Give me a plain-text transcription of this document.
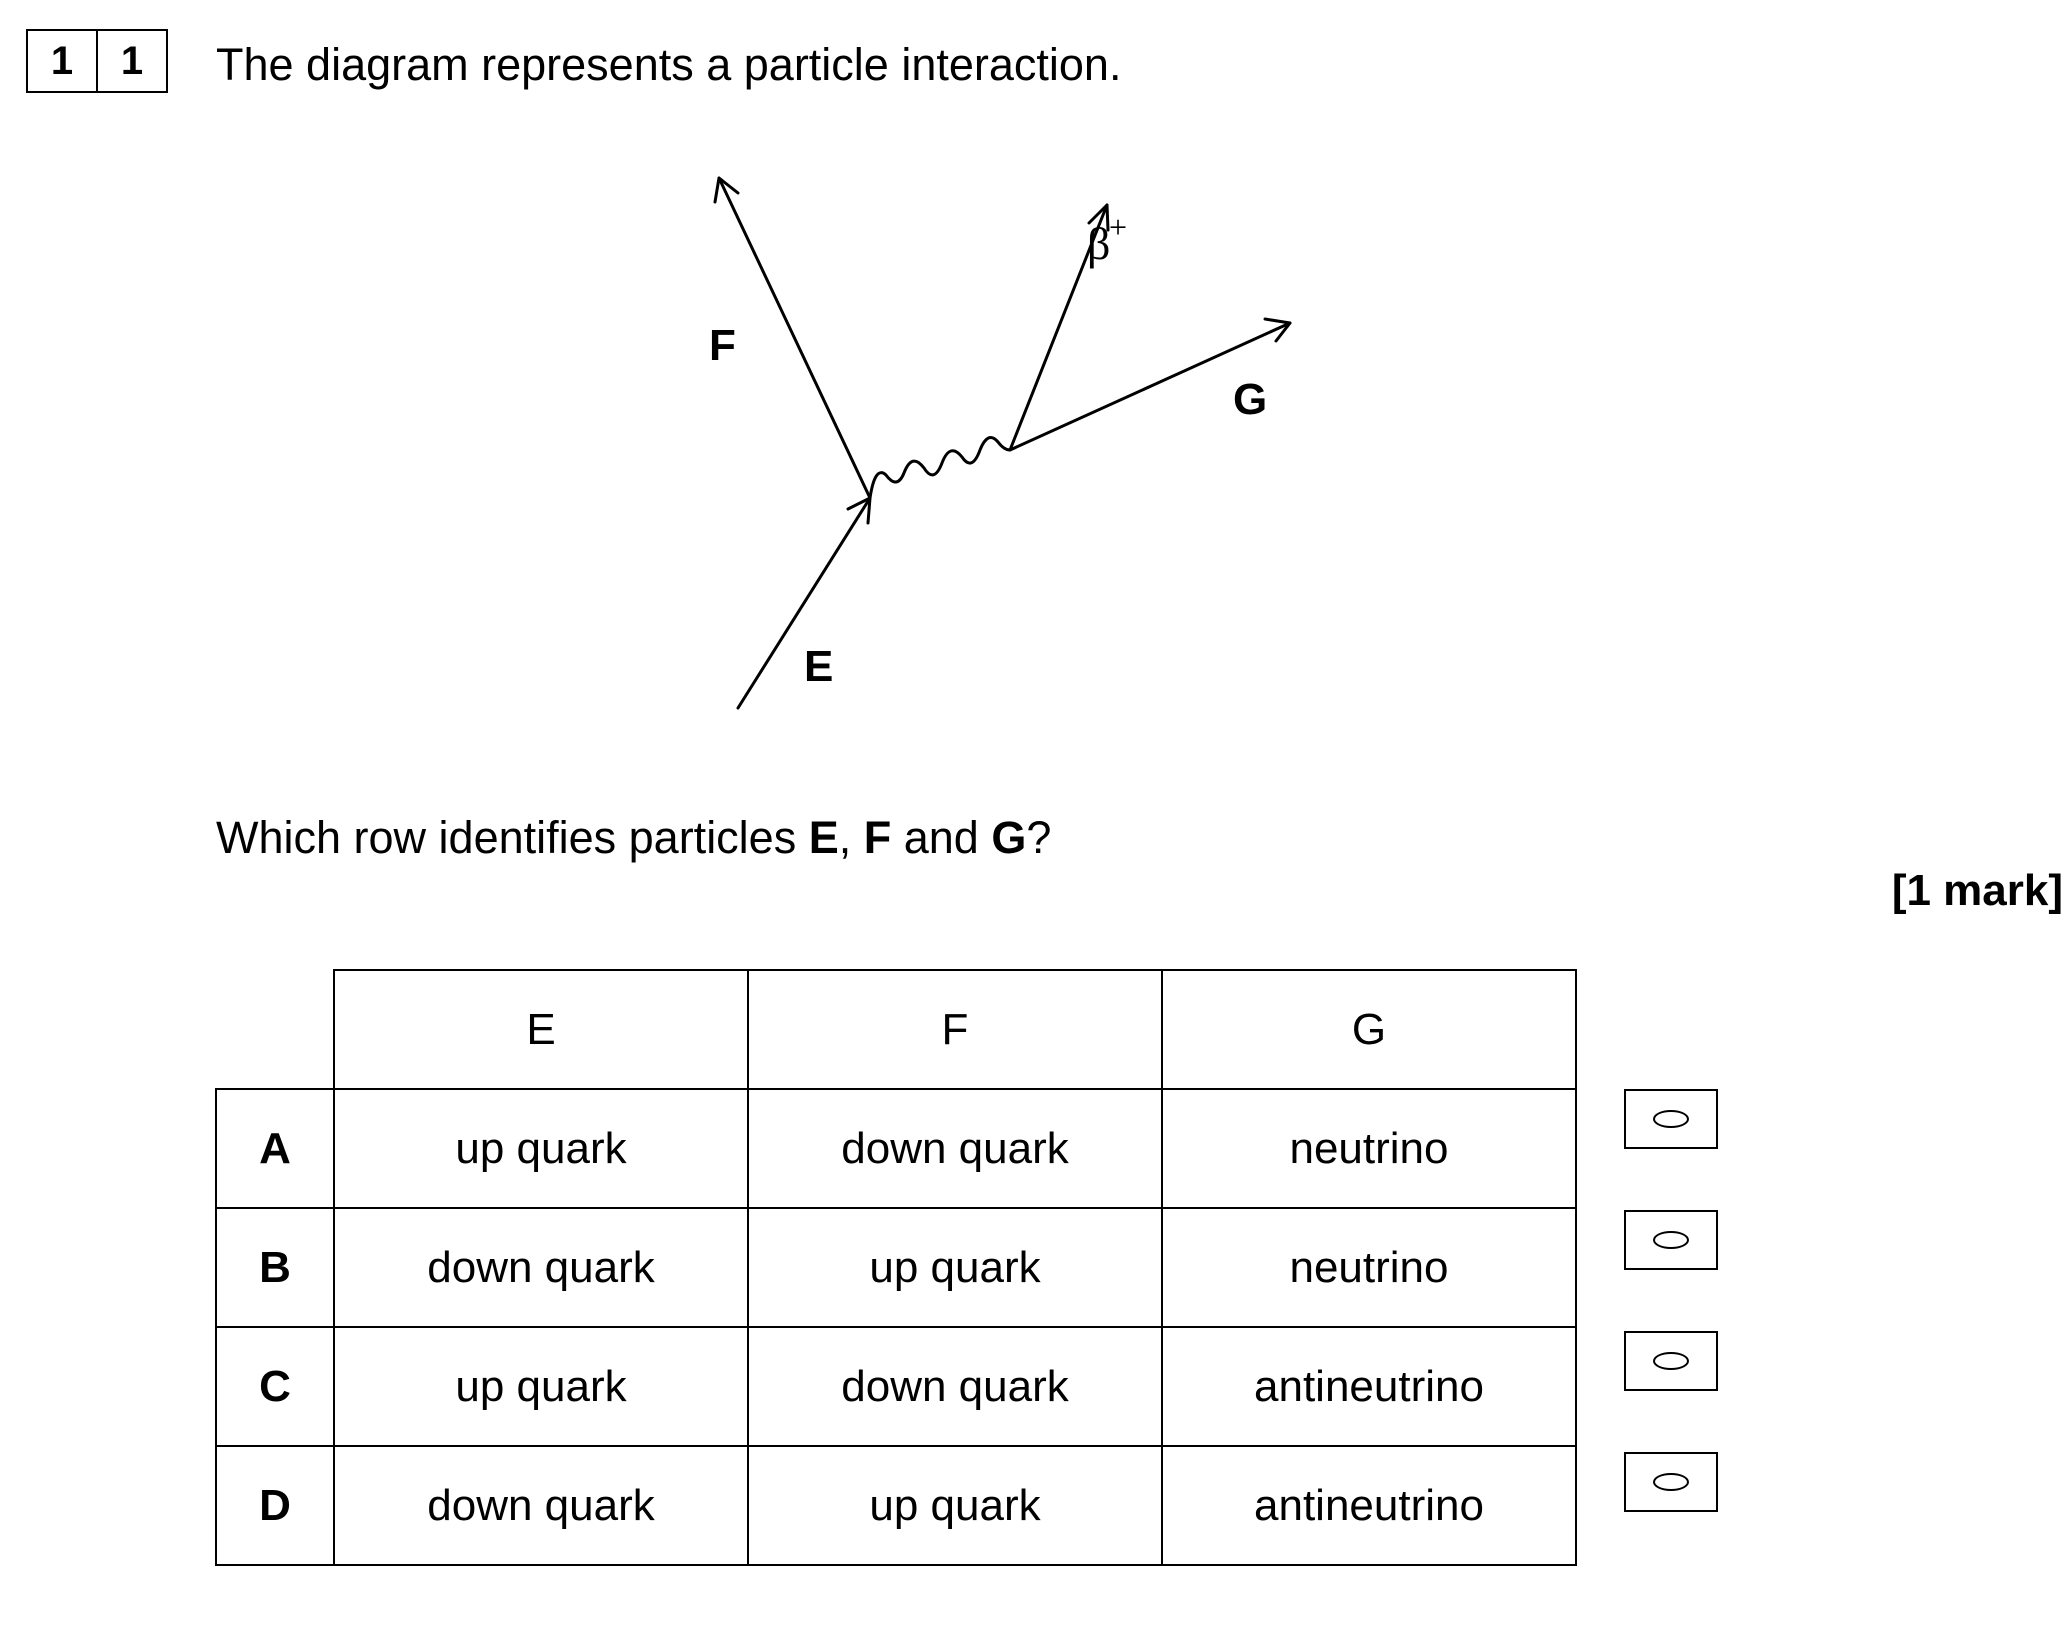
1	1	The diagram represents a particle interaction.
F
E
G
β
+
Which row identifies particles E, F and G?
[1 mark]
	E	F	G
A	up quark	down quark	neutrino
B	down quark	up quark	neutrino
C	up quark	down quark	antineutrino
D	down quark	up quark	antineutrino
